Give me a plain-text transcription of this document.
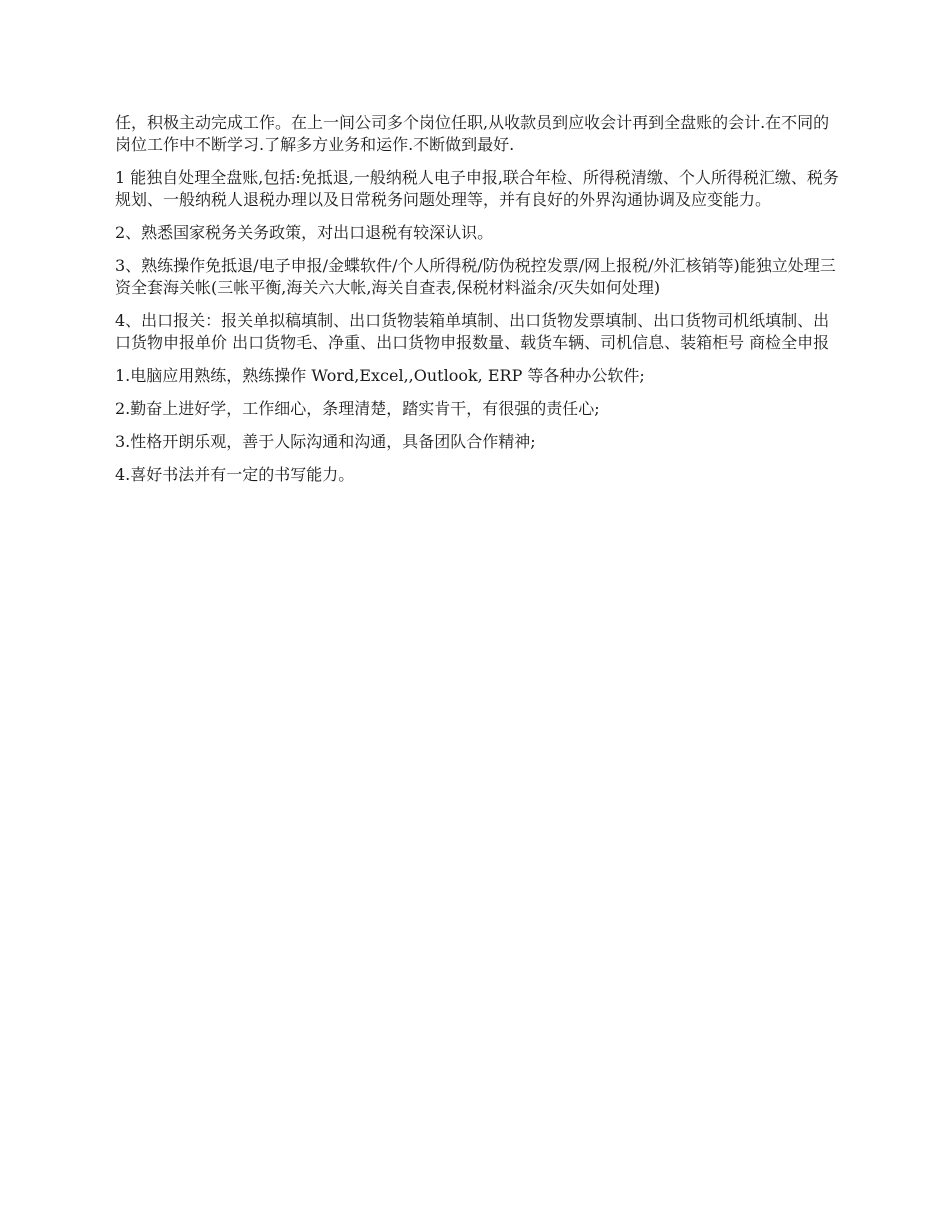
任，积极主动完成工作。在上一间公司多个岗位任职,从收款员到应收会计再到全盘账的会计.在不同的岗位工作中不断学习.了解多方业务和运作.不断做到最好.

1 能独自处理全盘账,包括:免抵退,一般纳税人电子申报,联合年检、所得税清缴、个人所得税汇缴、税务规划、一般纳税人退税办理以及日常税务问题处理等，并有良好的外界沟通协调及应变能力。

2、熟悉国家税务关务政策，对出口退税有较深认识。

3、熟练操作免抵退/电子申报/金蝶软件/个人所得税/防伪税控发票/网上报税/外汇核销等)能独立处理三资全套海关帐(三帐平衡,海关六大帐,海关自查表,保税材料溢余/灭失如何处理)

4、出口报关：报关单拟稿填制、出口货物装箱单填制、出口货物发票填制、出口货物司机纸填制、出口货物申报单价 出口货物毛、净重、出口货物申报数量、载货车辆、司机信息、装箱柜号 商检全申报

1.电脑应用熟练，熟练操作 Word,Excel,,Outlook, ERP 等各种办公软件;

2.勤奋上进好学，工作细心，条理清楚，踏实肯干，有很强的责任心;

3.性格开朗乐观，善于人际沟通和沟通，具备团队合作精神;

4.喜好书法并有一定的书写能力。
